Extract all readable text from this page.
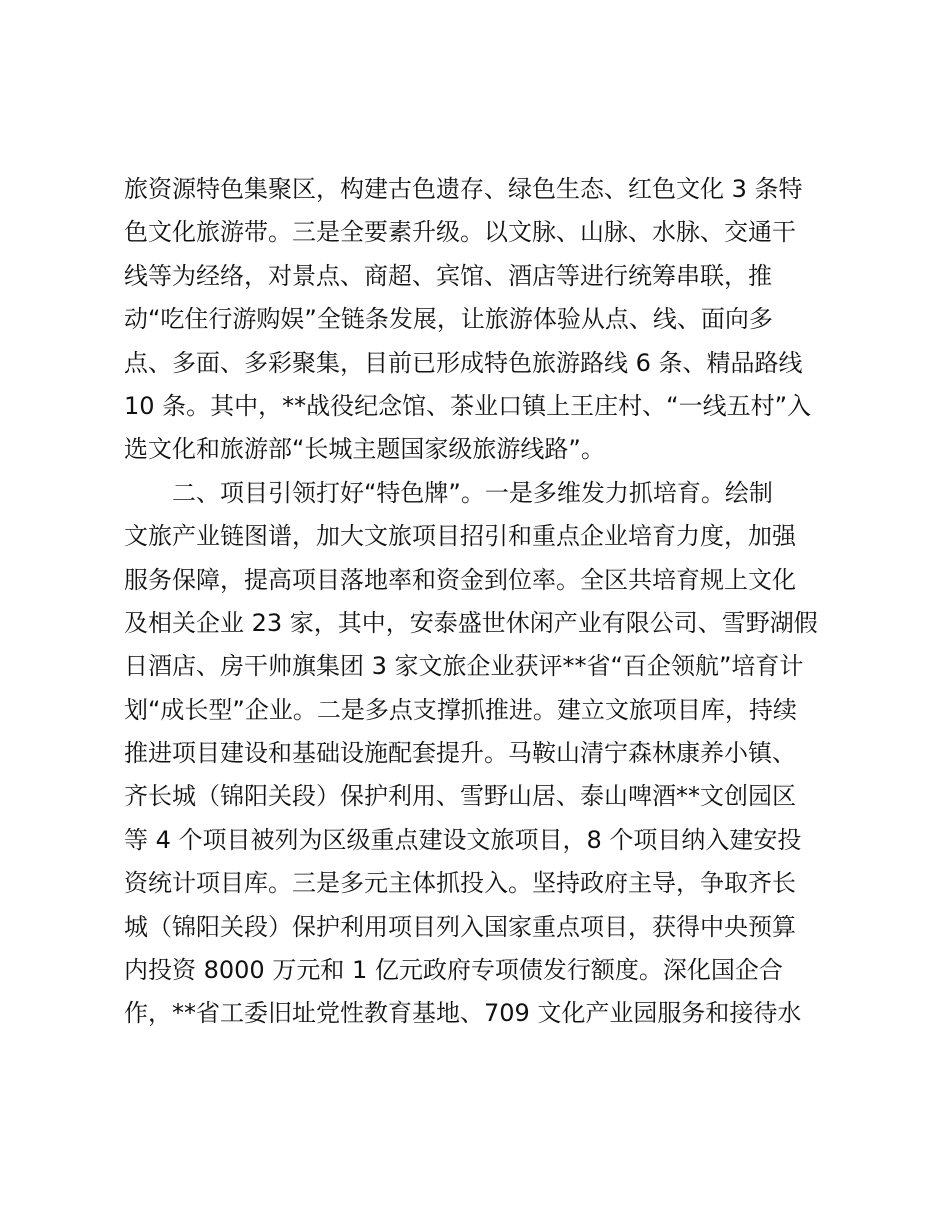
旅资源特色集聚区，构建古色遗存、绿色生态、红色文化 3 条特
色文化旅游带。三是全要素升级。以文脉、山脉、水脉、交通干
线等为经络，对景点、商超、宾馆、酒店等进行统筹串联，推
动“吃住行游购娱”全链条发展，让旅游体验从点、线、面向多
点、多面、多彩聚集，目前已形成特色旅游路线 6 条、精品路线
10 条。其中，**战役纪念馆、茶业口镇上王庄村、“一线五村”入
选文化和旅游部“长城主题国家级旅游线路”。
　　二、项目引领打好“特色牌”。一是多维发力抓培育。绘制
文旅产业链图谱，加大文旅项目招引和重点企业培育力度，加强
服务保障，提高项目落地率和资金到位率。全区共培育规上文化
及相关企业 23 家，其中，安泰盛世休闲产业有限公司、雪野湖假
日酒店、房干帅旗集团 3 家文旅企业获评**省“百企领航”培育计
划“成长型”企业。二是多点支撑抓推进。建立文旅项目库，持续
推进项目建设和基础设施配套提升。马鞍山清宁森林康养小镇、
齐长城（锦阳关段）保护利用、雪野山居、泰山啤酒**文创园区
等 4 个项目被列为区级重点建设文旅项目，8 个项目纳入建安投
资统计项目库。三是多元主体抓投入。坚持政府主导，争取齐长
城（锦阳关段）保护利用项目列入国家重点项目，获得中央预算
内投资 8000 万元和 1 亿元政府专项债发行额度。深化国企合
作，**省工委旧址党性教育基地、709 文化产业园服务和接待水
